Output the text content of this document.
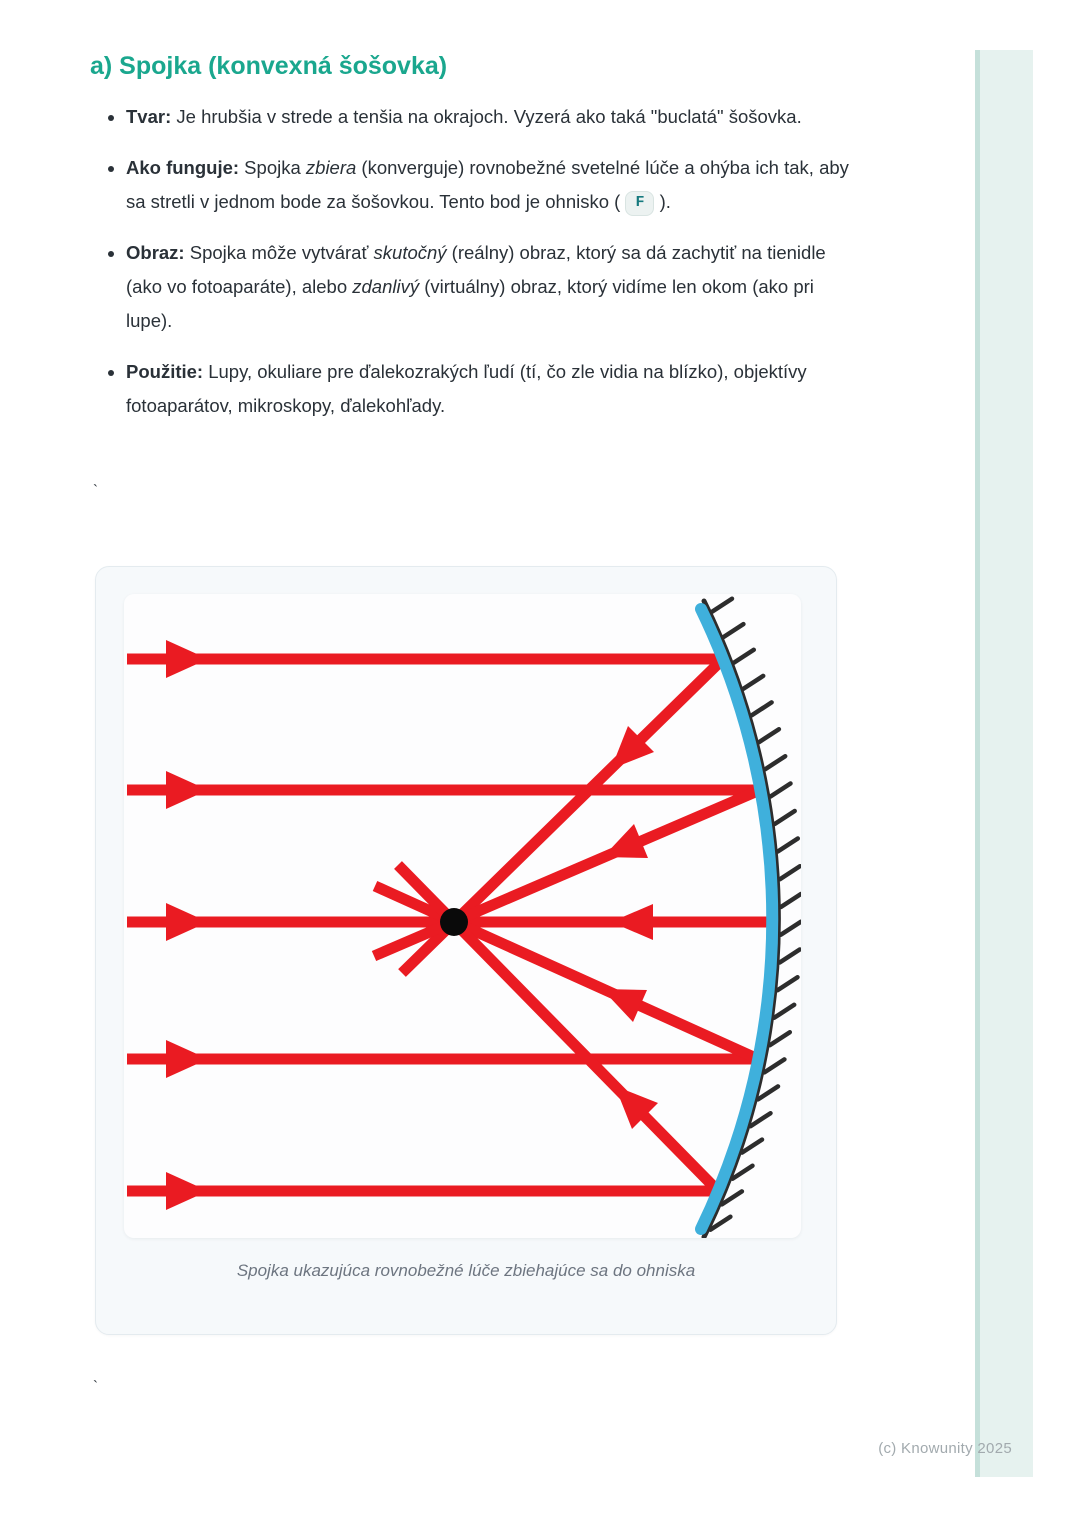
a) Spojka (konvexná šošovka)
• Tvar: Je hrubšia v strede a tenšia na okrajoch. Vyzerá ako taká "buclatá" šošovka.
• Ako funguje: Spojka zbiera (konverguje) rovnobežné svetelné lúče a ohýba ich tak, aby sa stretli v jednom bode za šošovkou. Tento bod je ohnisko ( F ).
• Obraz: Spojka môže vytvárať skutočný (reálny) obraz, ktorý sa dá zachytiť na tienidle (ako vo fotoaparáte), alebo zdanlivý (virtuálny) obraz, ktorý vidíme len okom (ako pri lupe).
• Použitie: Lupy, okuliare pre ďalekozrakých ľudí (tí, čo zle vidia na blízko), objektívy fotoaparátov, mikroskopy, ďalekohľady.
`
Spojka ukazujúca rovnobežné lúče zbiehajúce sa do ohniska
`
(c) Knowunity 2025
